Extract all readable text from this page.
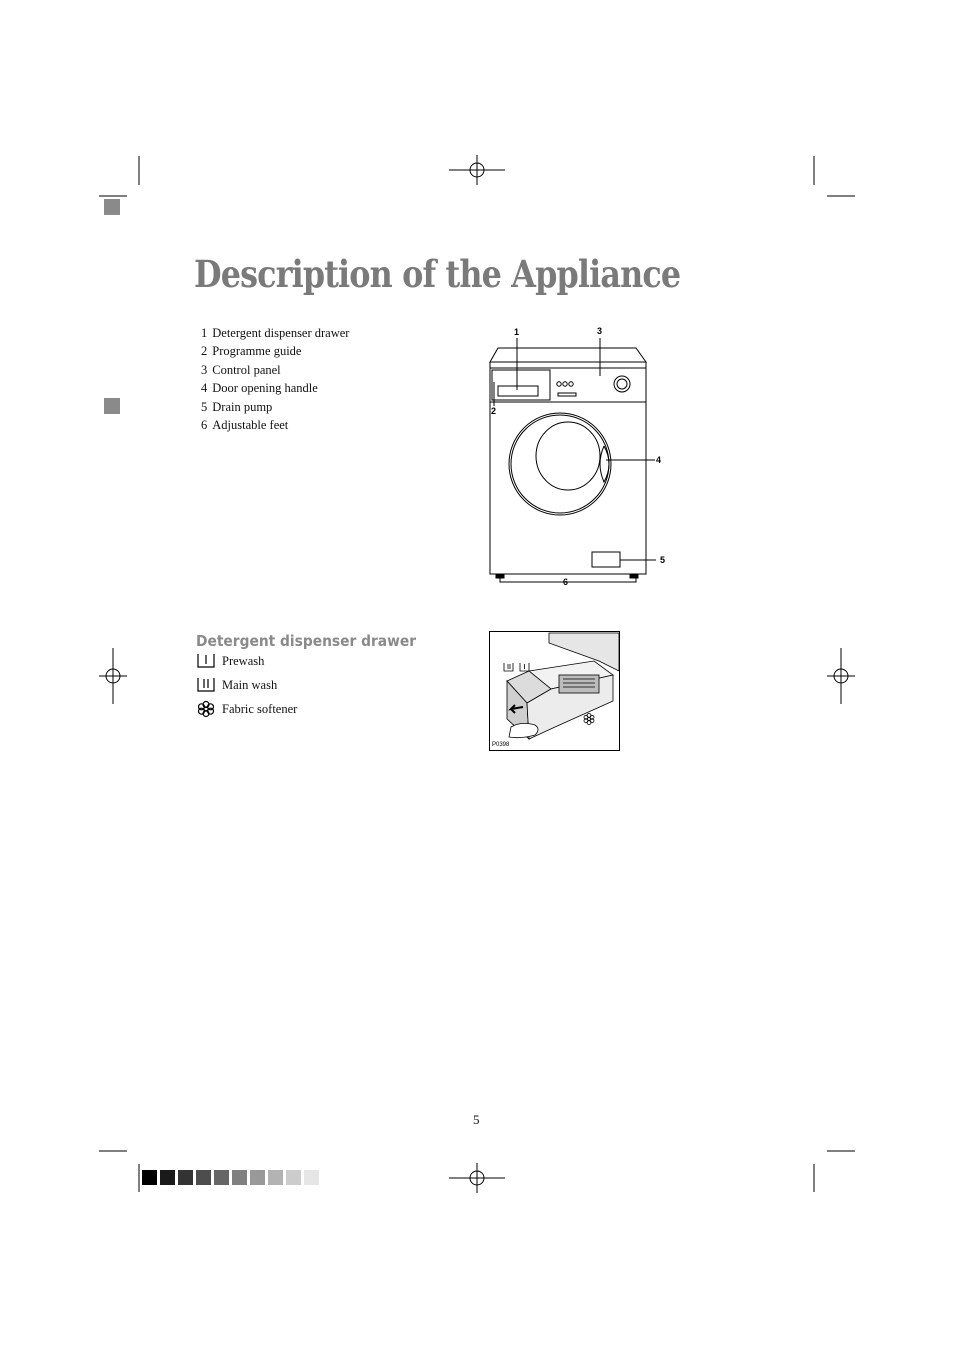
Description of the Appliance
1 Detergent dispenser drawer
2 Programme guide
3 Control panel
4 Door opening handle
5 Drain pump
6 Adjustable feet
1
2
3
4
5
6
Detergent dispenser drawer
Prewash
Main wash
Fabric softener
P0398
5
